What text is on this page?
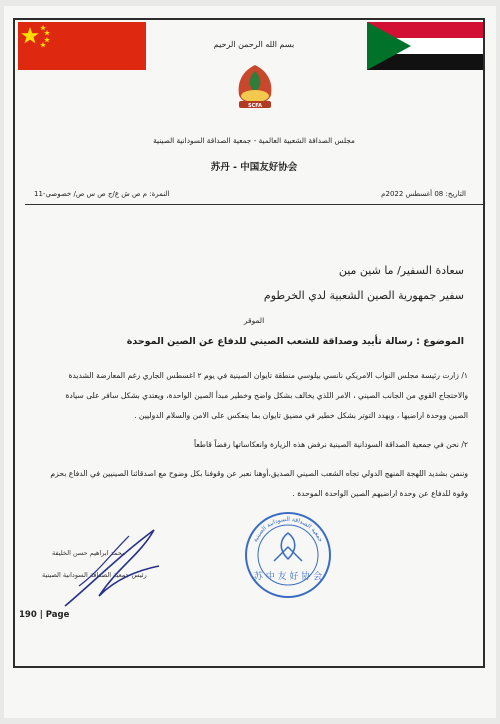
بسم الله الرحمن الرحيم
SCFA
مجلس الصداقة الشعبية العالمية - جمعية الصداقة السودانية الصينية
苏丹 - 中国友好协会
النمرة: م ص ش ع/ج ص س ص/ خصوصي-11	التاريخ: 08 أغسطس 2022م
سعادة السفير/ ما شين مين
سفير جمهورية الصين الشعبية لدي الخرطوم
الموقر
الموضوع : رسالة تأييد وصداقة للشعب الصيني للدفاع عن الصين الموحدة
١/ زارت رئيسة مجلس النواب الامريكي نانسي بيلوسي منطقة تايوان الصينية في يوم ٢ اغسطس الجاري رغم المعارضة الشديدة
والاحتجاج القوي من الجانب الصيني ، الامر اللذي يخالف بشكل واضح وخطير مبدأ الصين الواحدة، ويعتدي بشكل سافر على سيادة
الصين ووحدة اراضيها ، ويهدد التوتر بشكل خطير في مضيق تايوان بما ينعكس على الامن والسلام الدوليين .
٢/ نحن في جمعية الصداقة السودانية الصينية نرفض هذه الزيارة وانعكاساتها رفضاً قاطعاً
وننمن بشديد اللهجة المنهج الدولي تجاه الشعب الصيني الصديق،أوهنا نعبر عن وقوفنا بكل وضوح مع اصدقائنا الصينيين في الدفاع بحزم
وقوة للدفاع عن وحدة اراضيهم الصين الواحدة الموحدة .
جمعية الصداقة السودانية الصينية
苏 中 友 好 协 会
محمد ابراهيم حسن الخليفة
رئيس جمعية الصداقة السودانية الصينية
190 | Page
